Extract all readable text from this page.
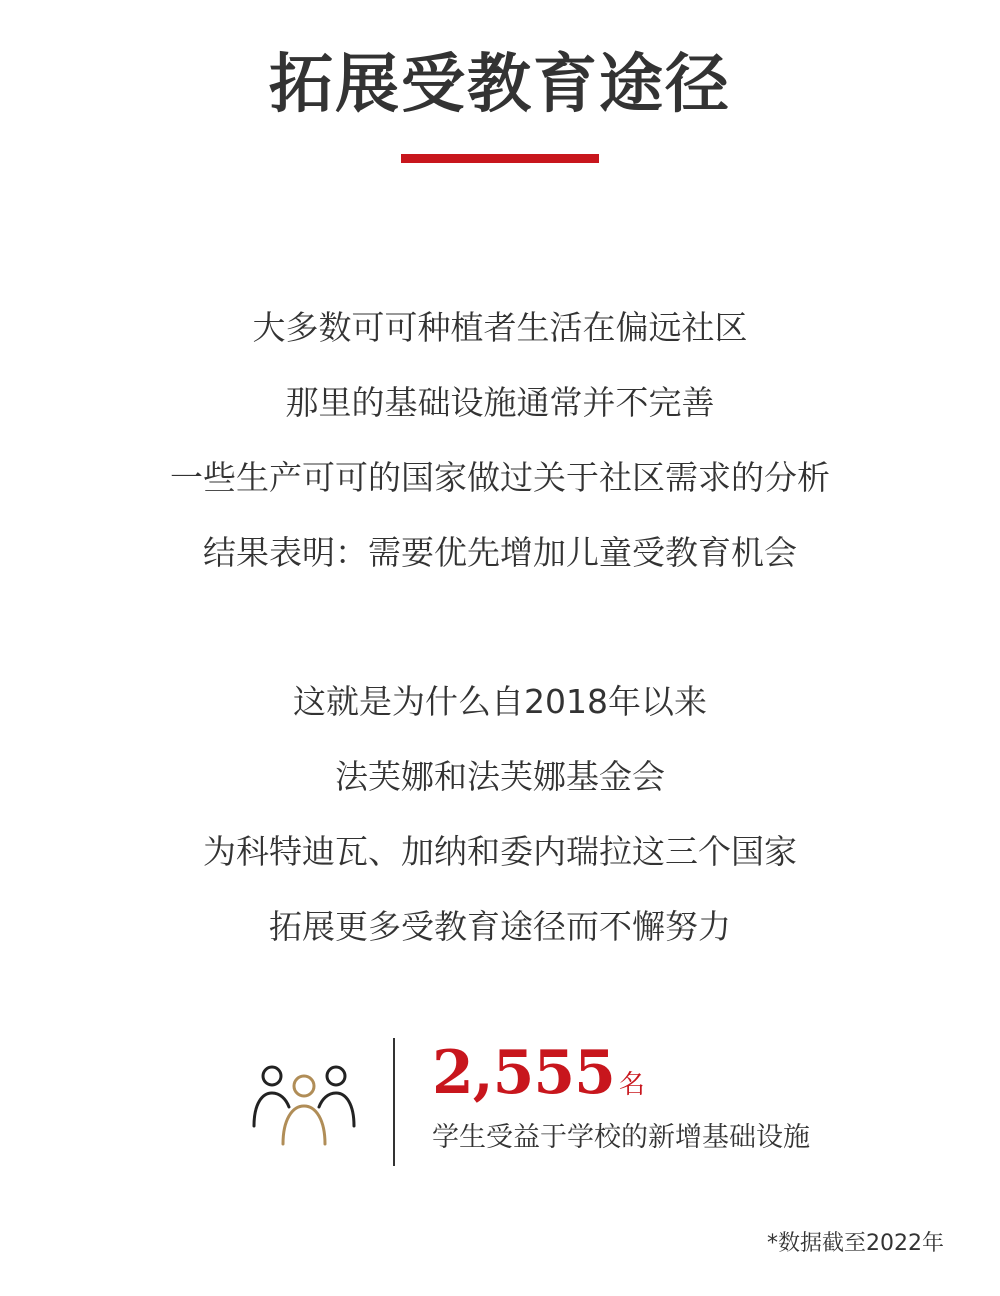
拓展受教育途径
大多数可可种植者生活在偏远社区
那里的基础设施通常并不完善
一些生产可可的国家做过关于社区需求的分析
结果表明：需要优先增加儿童受教育机会
这就是为什么自2018年以来
法芙娜和法芙娜基金会
为科特迪瓦、加纳和委内瑞拉这三个国家
拓展更多受教育途径而不懈努力
2,555 名
学生受益于学校的新增基础设施
*数据截至2022年
